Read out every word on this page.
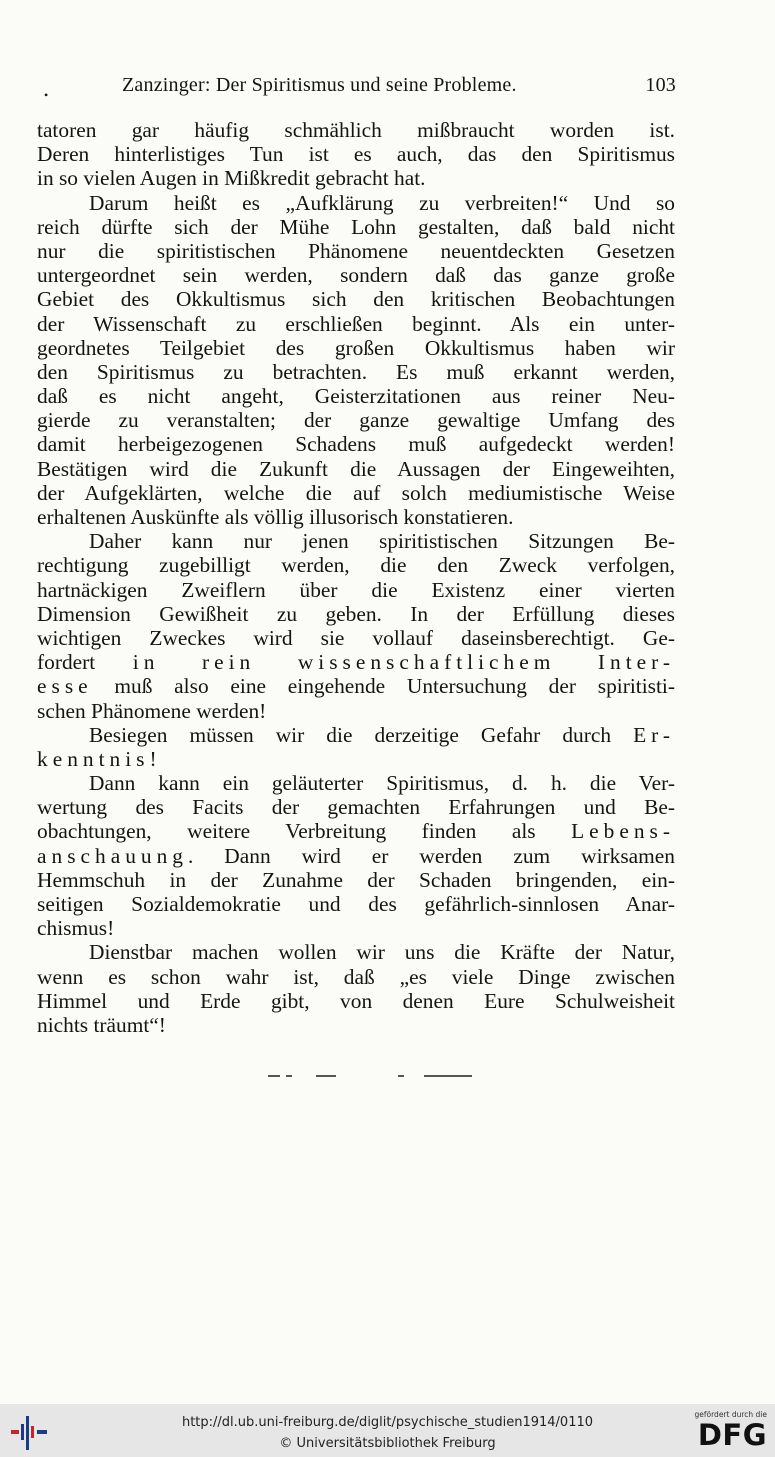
•	Zanzinger: Der Spiritismus und seine Probleme.	103
tatoren gar häufig schmählich mißbraucht worden ist.
Deren hinterlistiges Tun ist es auch, das den Spiritismus
in so vielen Augen in Mißkredit gebracht hat.
Darum heißt es „Aufklärung zu verbreiten!“ Und so
reich dürfte sich der Mühe Lohn gestalten, daß bald nicht
nur die spiritistischen Phänomene neuentdeckten Gesetzen
untergeordnet sein werden, sondern daß das ganze große
Gebiet des Okkultismus sich den kritischen Beobachtungen
der Wissenschaft zu erschließen beginnt. Als ein unter-
geordnetes Teilgebiet des großen Okkultismus haben wir
den Spiritismus zu betrachten. Es muß erkannt werden,
daß es nicht angeht, Geisterzitationen aus reiner Neu-
gierde zu veranstalten; der ganze gewaltige Umfang des
damit herbeigezogenen Schadens muß aufgedeckt werden!
Bestätigen wird die Zukunft die Aussagen der Eingeweihten,
der Aufgeklärten, welche die auf solch mediumistische Weise
erhaltenen Auskünfte als völlig illusorisch konstatieren.
Daher kann nur jenen spiritistischen Sitzungen Be-
rechtigung zugebilligt werden, die den Zweck verfolgen,
hartnäckigen Zweiflern über die Existenz einer vierten
Dimension Gewißheit zu geben. In der Erfüllung dieses
wichtigen Zweckes wird sie vollauf daseinsberechtigt. Ge-
fordert in rein wissenschaftlichem Inter-
esse muß also eine eingehende Untersuchung der spiritisti-
schen Phänomene werden!
Besiegen müssen wir die derzeitige Gefahr durch Er-
kenntnis!
Dann kann ein geläuterter Spiritismus, d. h. die Ver-
wertung des Facits der gemachten Erfahrungen und Be-
obachtungen, weitere Verbreitung finden als Lebens-
anschauung. Dann wird er werden zum wirksamen
Hemmschuh in der Zunahme der Schaden bringenden, ein-
seitigen Sozialdemokratie und des gefährlich-sinnlosen Anar-
chismus!
Dienstbar machen wollen wir uns die Kräfte der Natur,
wenn es schon wahr ist, daß „es viele Dinge zwischen
Himmel und Erde gibt, von denen Eure Schulweisheit
nichts träumt“!
http://dl.ub.uni-freiburg.de/diglit/psychische_studien1914/0110
© Universitätsbibliothek Freiburg
gefördert durch die
DFG
